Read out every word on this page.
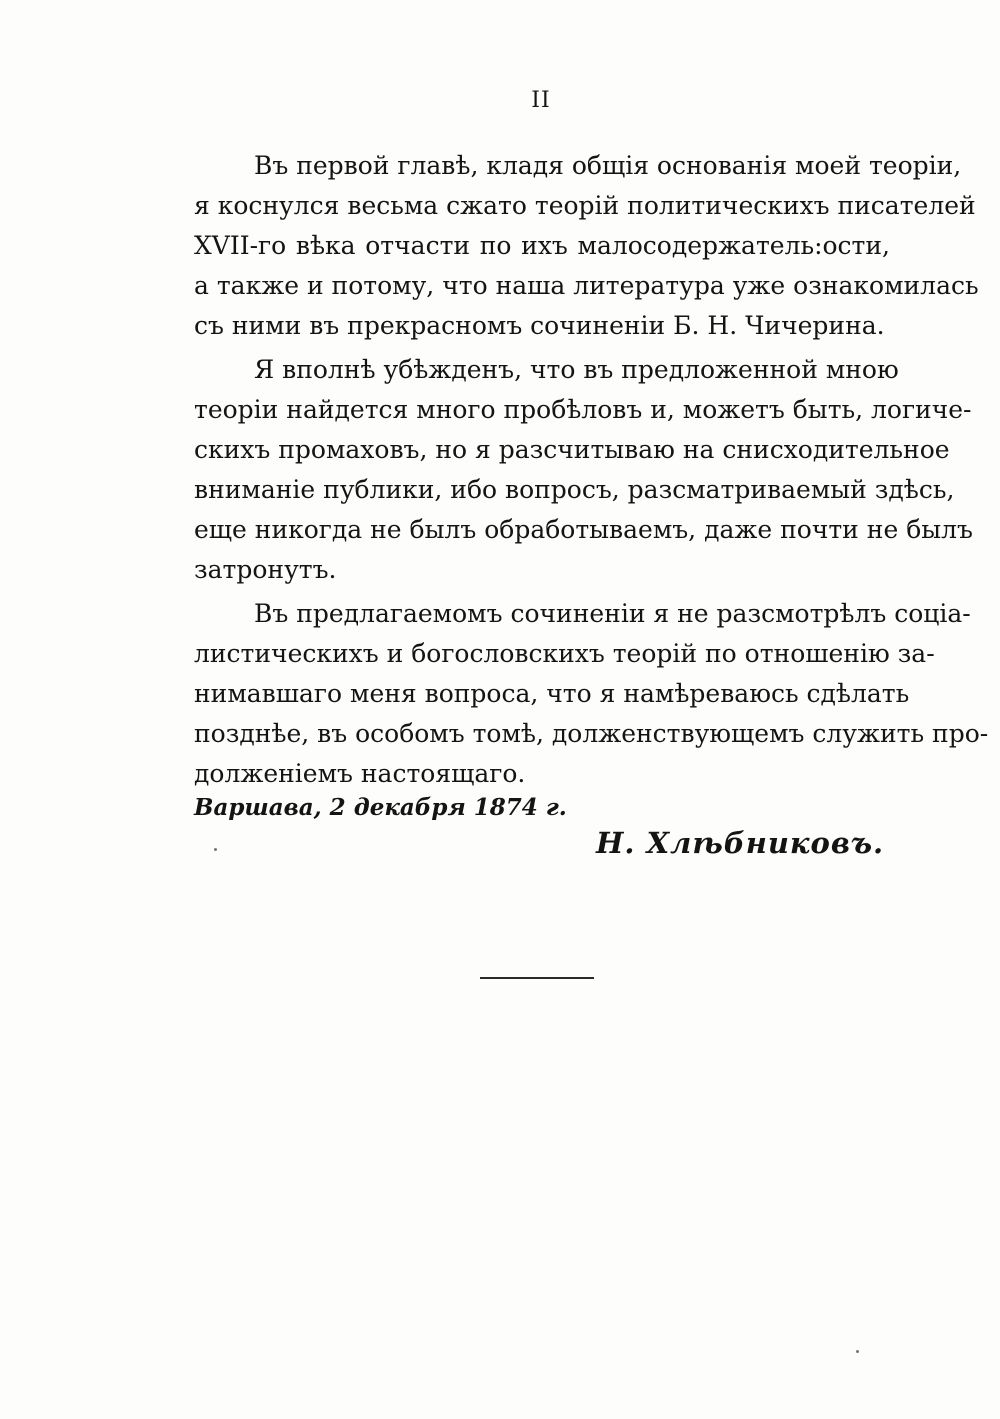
II
Въ первой главѣ, кладя общія основанія моей теоріи,
я коснулся весьма сжато теорій политическихъ писателей
XVII-го вѣка отчасти по ихъ малосодержатель:ости,
а также и потому, что наша литература уже ознакомилась
съ ними въ прекрасномъ сочиненіи Б. Н. Чичерина.
Я вполнѣ убѣжденъ, что въ предложенной мною
теоріи найдется много пробѣловъ и, можетъ быть, логиче-
скихъ промаховъ, но я разсчитываю на снисходительное
вниманіе публики, ибо вопросъ, разсматриваемый здѣсь,
еще никогда не былъ обработываемъ, даже почти не былъ
затронутъ.
Въ предлагаемомъ сочиненіи я не разсмотрѣлъ соціа-
листическихъ и богословскихъ теорій по отношенію за-
нимавшаго меня вопроса, что я намѣреваюсь сдѣлать
позднѣе, въ особомъ томѣ, долженствующемъ служить про-
долженіемъ настоящаго.
Варшава, 2 декабря 1874 г.
Н. Хлѣбниковъ.
